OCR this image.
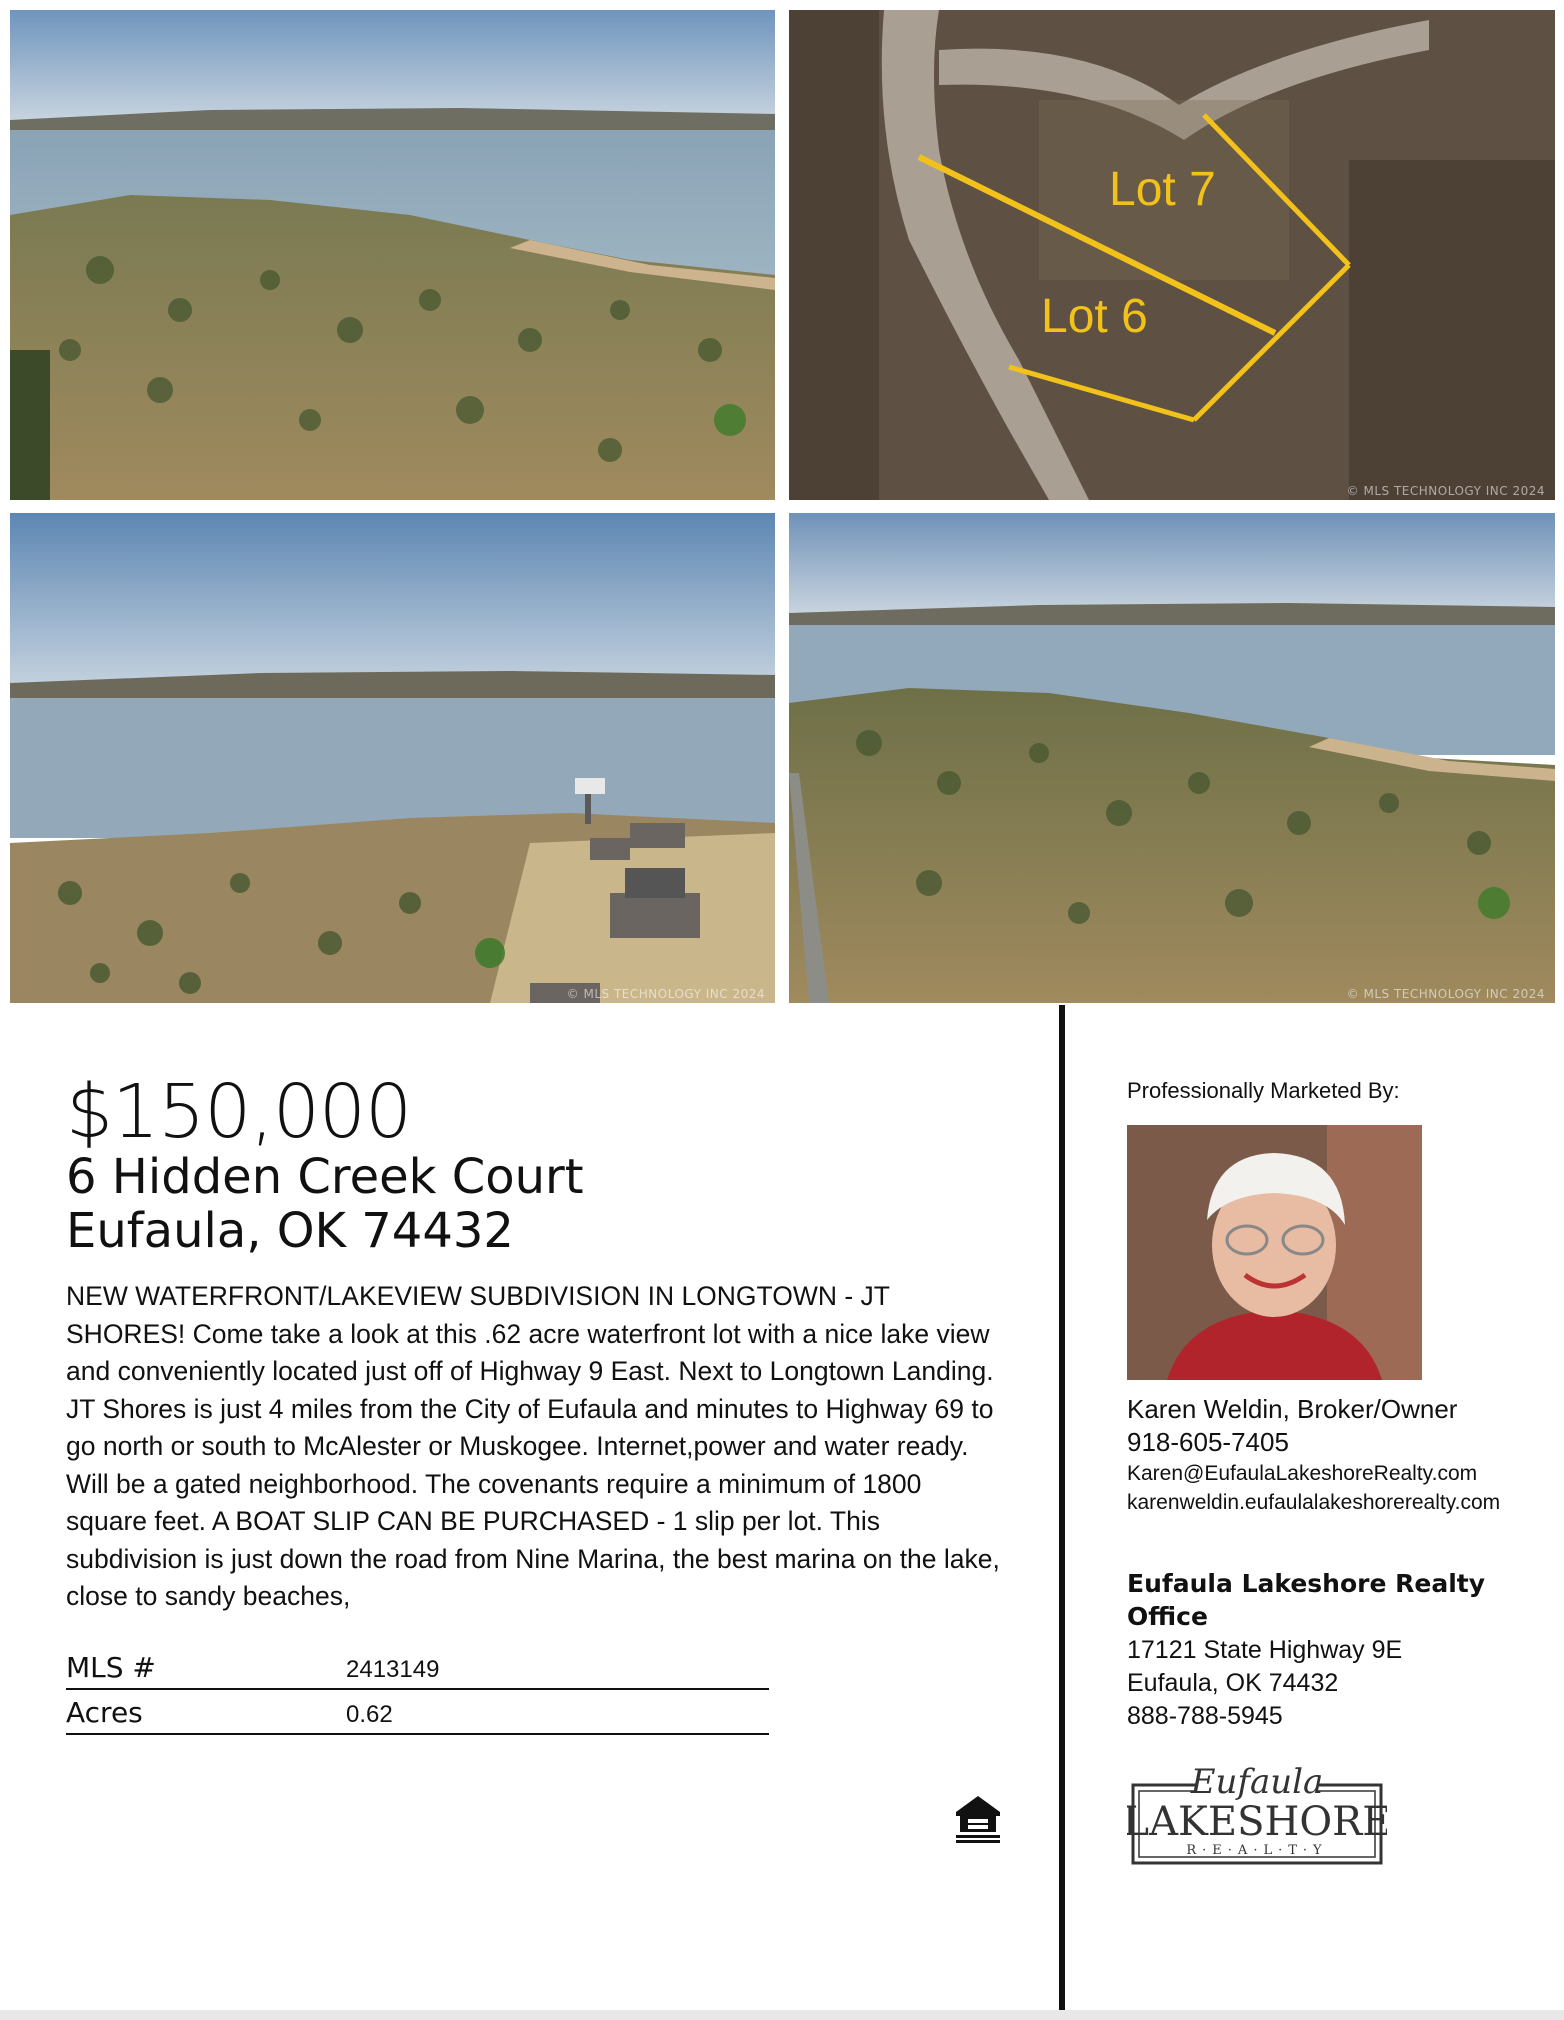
Lot 7
Lot 6
© MLS TECHNOLOGY INC 2024
© MLS TECHNOLOGY INC 2024	© MLS TECHNOLOGY INC 2024
$150,000
6 Hidden Creek Court
Eufaula, OK 74432
NEW WATERFRONT/LAKEVIEW SUBDIVISION IN LONGTOWN - JT SHORES! Come take a look at this .62 acre waterfront lot with a nice lake view and conveniently located just off of Highway 9 East. Next to Longtown Landing. JT Shores is just 4 miles from the City of Eufaula and minutes to Highway 69 to go north or south to McAlester or Muskogee. Internet,power and water ready. Will be a gated neighborhood. The covenants require a minimum of 1800 square feet. A BOAT SLIP CAN BE PURCHASED - 1 slip per lot. This subdivision is just down the road from Nine Marina, the best marina on the lake, close to sandy beaches,
MLS #	2413149
Acres	0.62
Professionally Marketed By:
Karen Weldin, Broker/Owner
918-605-7405
Karen@EufaulaLakeshoreRealty.com
karenweldin.eufaulalakeshorerealty.com
Eufaula Lakeshore Realty Office
17121 State Highway 9E
Eufaula, OK 74432
888-788-5945
Eufaula
LAKESHORE
R·E·A·L·T·Y
